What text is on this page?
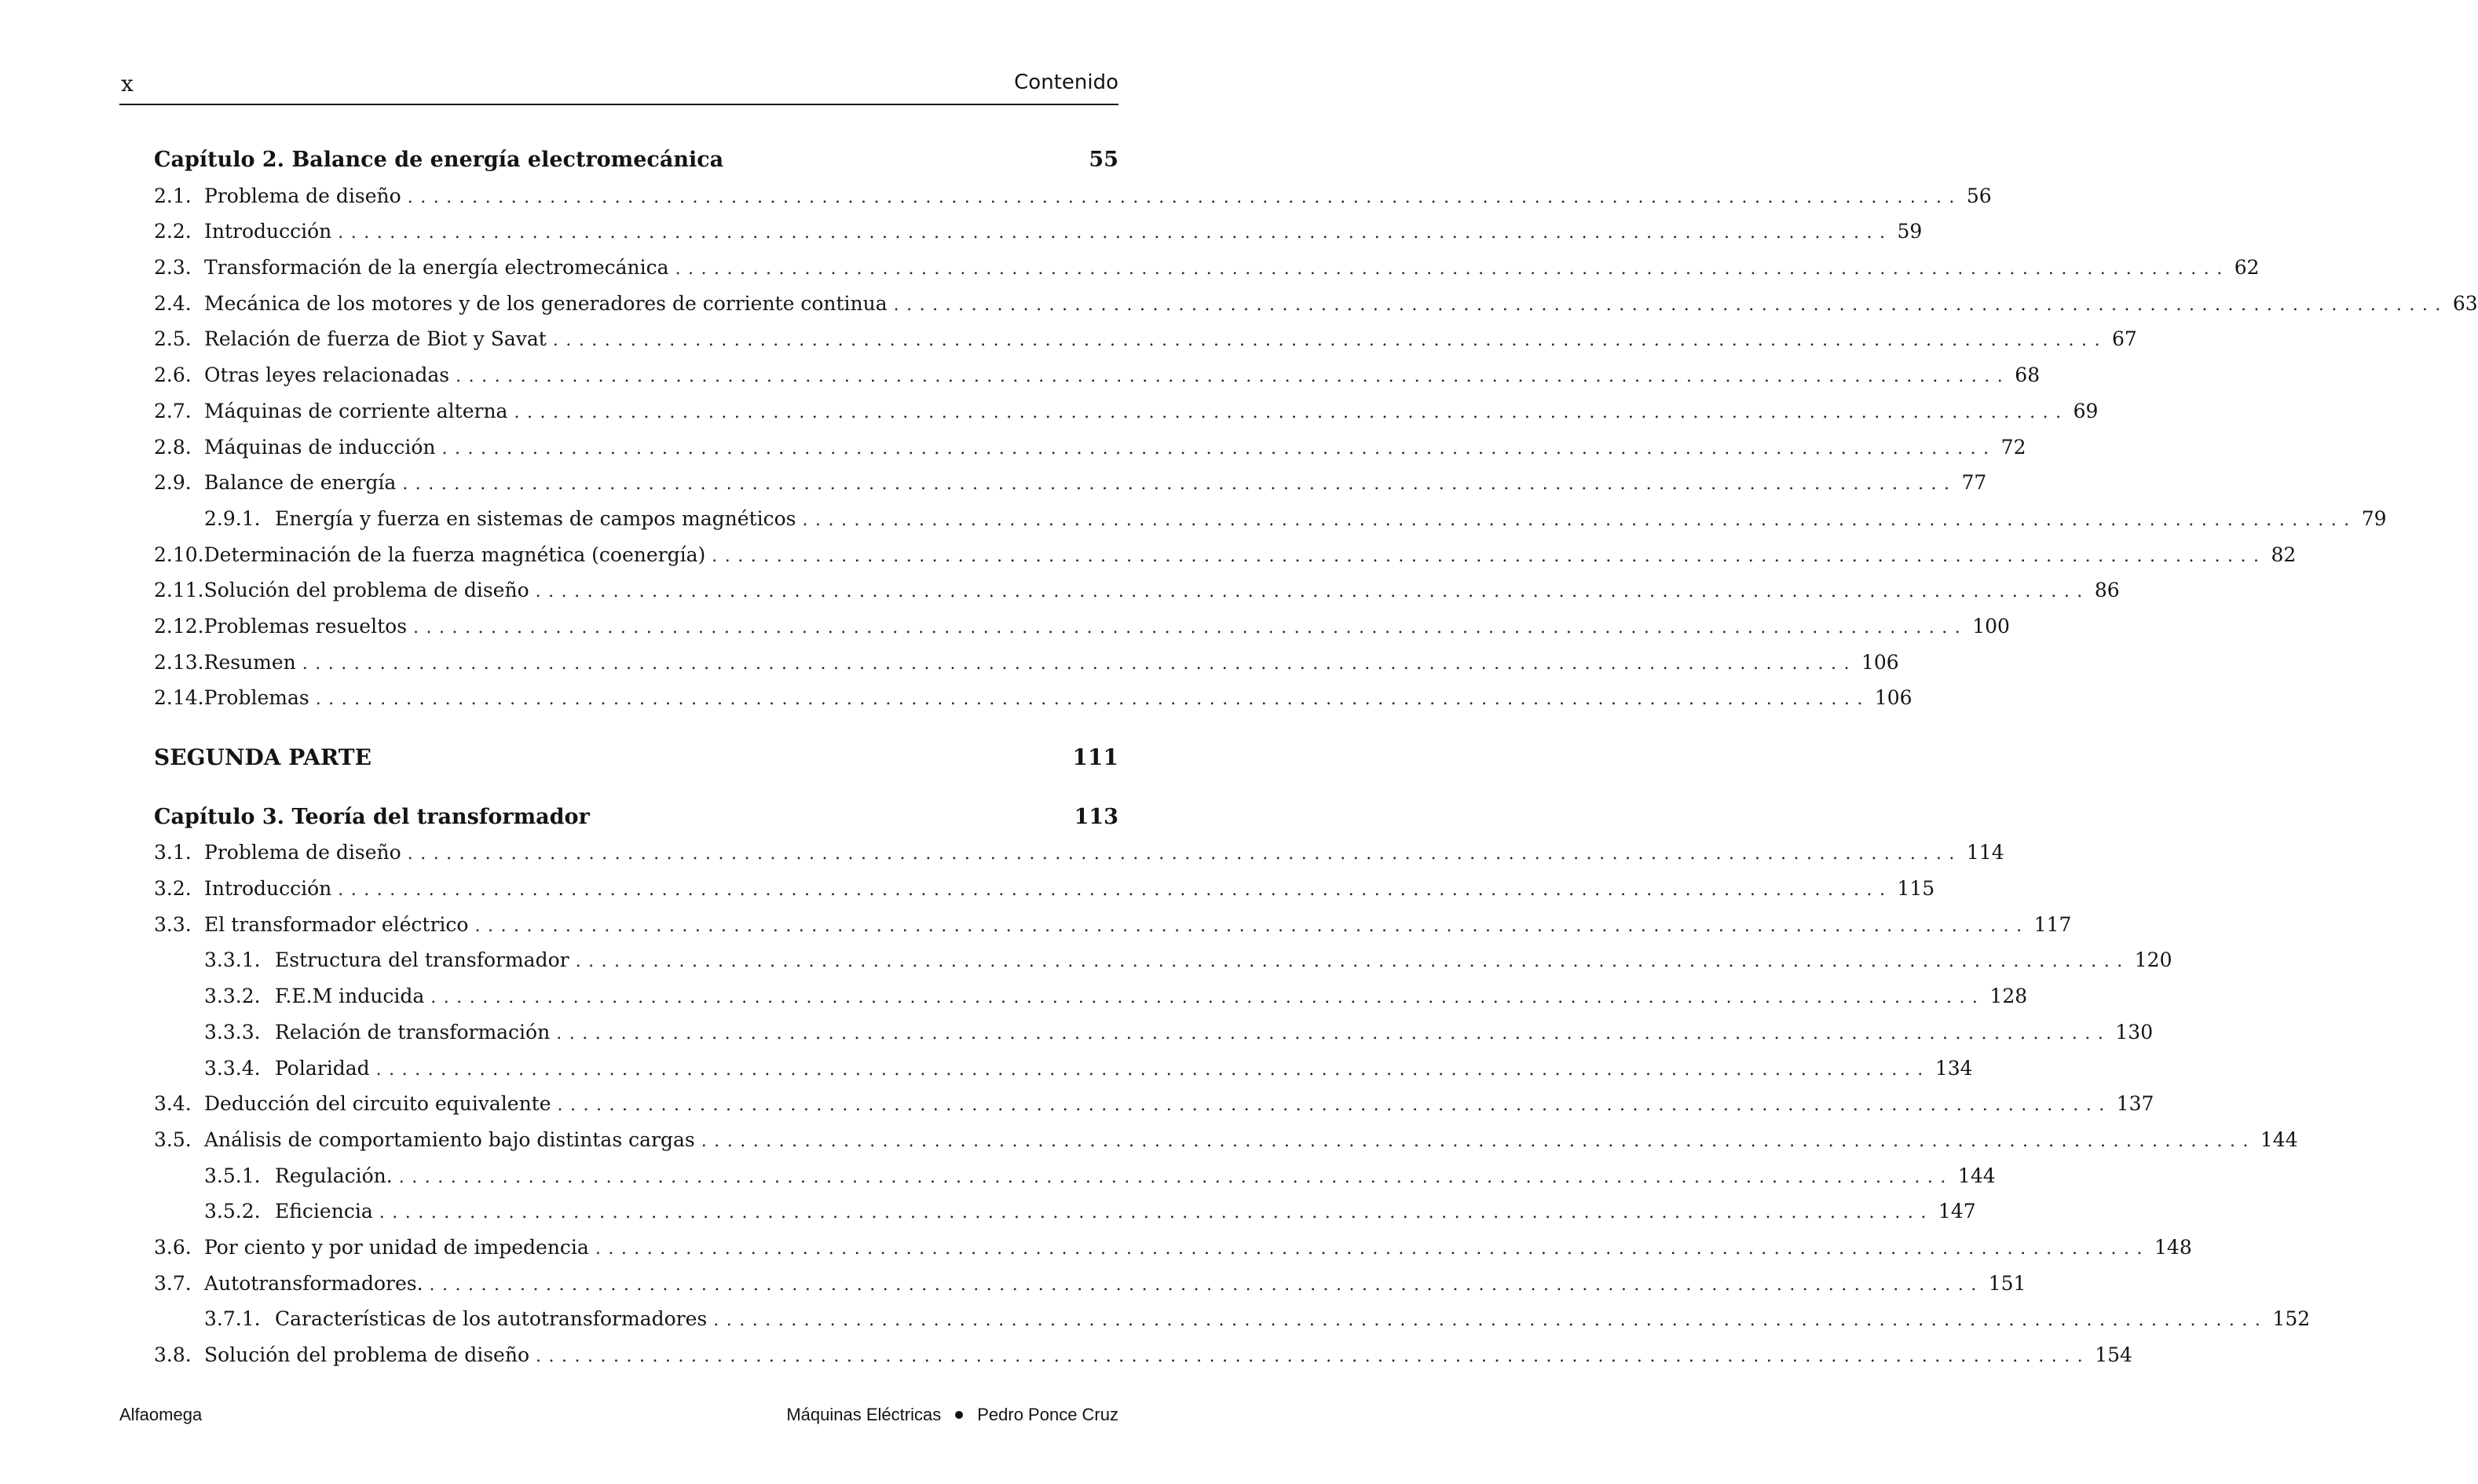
x	Contenido
Capítulo 2. Balance de energía electromecánica	55
2.1. Problema de diseño ........................................................................................................................ 56
2.2. Introducción ........................................................................................................................ 59
2.3. Transformación de la energía electromecánica ........................................................................................................................ 62
2.4. Mecánica de los motores y de los generadores de corriente continua ........................................................................................................................ 63
2.5. Relación de fuerza de Biot y Savat ........................................................................................................................ 67
2.6. Otras leyes relacionadas ........................................................................................................................ 68
2.7. Máquinas de corriente alterna ........................................................................................................................ 69
2.8. Máquinas de inducción ........................................................................................................................ 72
2.9. Balance de energía ........................................................................................................................ 77
2.9.1. Energía y fuerza en sistemas de campos magnéticos ........................................................................................................................ 79
2.10. Determinación de la fuerza magnética (coenergía) ........................................................................................................................ 82
2.11. Solución del problema de diseño ........................................................................................................................ 86
2.12. Problemas resueltos ........................................................................................................................ 100
2.13. Resumen ........................................................................................................................ 106
2.14. Problemas ........................................................................................................................ 106
SEGUNDA PARTE	111
Capítulo 3. Teoría del transformador	113
3.1. Problema de diseño ........................................................................................................................ 114
3.2. Introducción ........................................................................................................................ 115
3.3. El transformador eléctrico ........................................................................................................................ 117
3.3.1. Estructura del transformador ........................................................................................................................ 120
3.3.2. F.E.M inducida ........................................................................................................................ 128
3.3.3. Relación de transformación ........................................................................................................................ 130
3.3.4. Polaridad ........................................................................................................................ 134
3.4. Deducción del circuito equivalente ........................................................................................................................ 137
3.5. Análisis de comportamiento bajo distintas cargas ........................................................................................................................ 144
3.5.1. Regulación. ........................................................................................................................ 144
3.5.2. Eficiencia ........................................................................................................................ 147
3.6. Por ciento y por unidad de impedencia ........................................................................................................................ 148
3.7. Autotransformadores. ........................................................................................................................ 151
3.7.1. Características de los autotransformadores ........................................................................................................................ 152
3.8. Solución del problema de diseño ........................................................................................................................ 154
Alfaomega	Máquinas Eléctricas Pedro Ponce Cruz
